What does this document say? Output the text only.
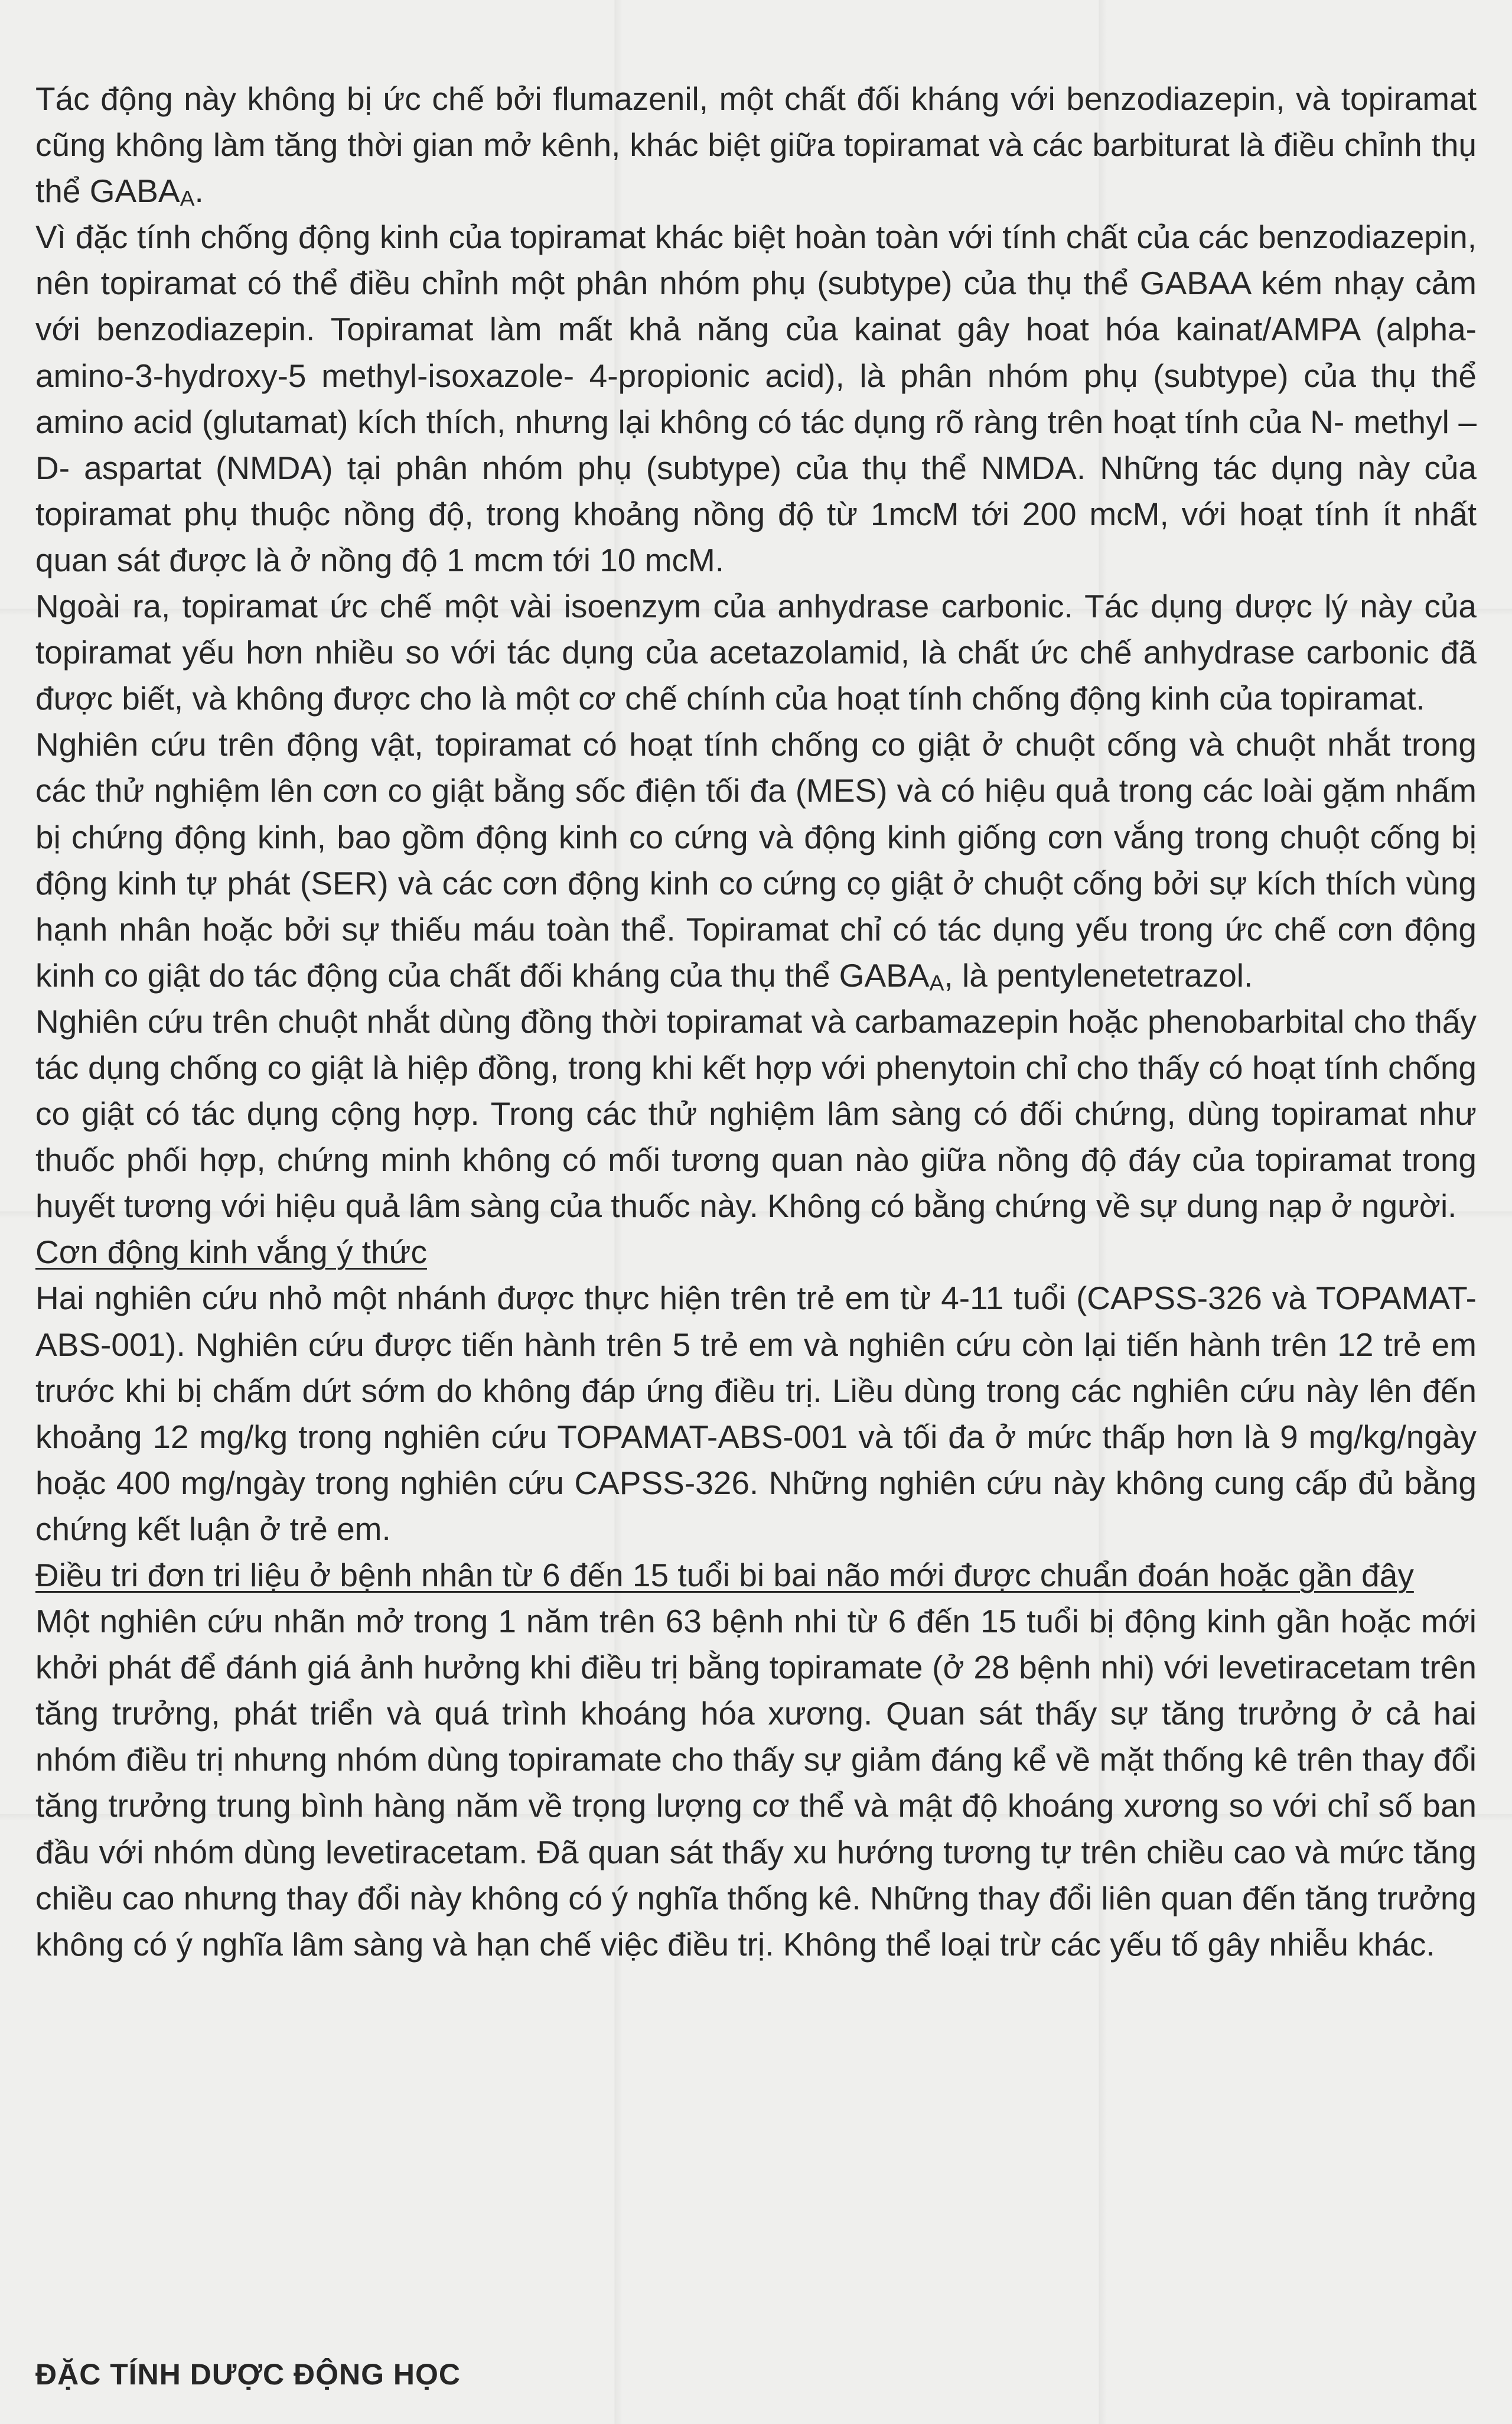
Tác động này không bị ức chế bởi flumazenil, một chất đối kháng với benzodiazepin, và topiramat cũng không làm tăng thời gian mở kênh, khác biệt giữa topiramat và các barbiturat là điều chỉnh thụ thể $GABA_A$.

Vì đặc tính chống động kinh của topiramat khác biệt hoàn toàn với tính chất của các benzodiazepin, nên topiramat có thể điều chỉnh một phân nhóm phụ (subtype) của thụ thể GABAA kém nhạy cảm với benzodiazepin. Topiramat làm mất khả năng của kainat gây hoat hóa kainat/AMPA (alpha-amino-3-hydroxy-5 methyl-isoxazole- 4-propionic acid), là phân nhóm phụ (subtype) của thụ thể amino acid (glutamat) kích thích, nhưng lại không có tác dụng rõ ràng trên hoạt tính của N- methyl –D- aspartat (NMDA) tại phân nhóm phụ (subtype) của thụ thể NMDA. Những tác dụng này của topiramat phụ thuộc nồng độ, trong khoảng nồng độ từ 1mcM tới 200 mcM, với hoạt tính ít nhất quan sát được là ở nồng độ 1 mcm tới 10 mcM.

Ngoài ra, topiramat ức chế một vài isoenzym của anhydrase carbonic. Tác dụng dược lý này của topiramat yếu hơn nhiều so với tác dụng của acetazolamid, là chất ức chế anhydrase carbonic đã được biết, và không được cho là một cơ chế chính của hoạt tính chống động kinh của topiramat.

Nghiên cứu trên động vật, topiramat có hoạt tính chống co giật ở chuột cống và chuột nhắt trong các thử nghiệm lên cơn co giật bằng sốc điện tối đa (MES) và có hiệu quả trong các loài gặm nhấm bị chứng động kinh, bao gồm động kinh co cứng và động kinh giống cơn vắng trong chuột cống bị động kinh tự phát (SER) và các cơn động kinh co cứng cọ giật ở chuột cống bởi sự kích thích vùng hạnh nhân hoặc bởi sự thiếu máu toàn thể. Topiramat chỉ có tác dụng yếu trong ức chế cơn động kinh co giật do tác động của chất đối kháng của thụ thể $GABA_A$, là pentylenetetrazol.

Nghiên cứu trên chuột nhắt dùng đồng thời topiramat và carbamazepin hoặc phenobarbital cho thấy tác dụng chống co giật là hiệp đồng, trong khi kết hợp với phenytoin chỉ cho thấy có hoạt tính chống co giật có tác dụng cộng hợp. Trong các thử nghiệm lâm sàng có đối chứng, dùng topiramat như thuốc phối hợp, chứng minh không có mối tương quan nào giữa nồng độ đáy của topiramat trong huyết tương với hiệu quả lâm sàng của thuốc này. Không có bằng chứng về sự dung nạp ở người.

Cơn động kinh vắng ý thức

Hai nghiên cứu nhỏ một nhánh được thực hiện trên trẻ em từ 4-11 tuổi (CAPSS-326 và TOPAMAT-ABS-001). Nghiên cứu được tiến hành trên 5 trẻ em và nghiên cứu còn lại tiến hành trên 12 trẻ em trước khi bị chấm dứt sớm do không đáp ứng điều trị. Liều dùng trong các nghiên cứu này lên đến khoảng 12 mg/kg trong nghiên cứu TOPAMAT-ABS-001 và tối đa ở mức thấp hơn là 9 mg/kg/ngày hoặc 400 mg/ngày trong nghiên cứu CAPSS-326. Những nghiên cứu này không cung cấp đủ bằng chứng kết luận ở trẻ em.

Điều tri đơn tri liệu ở bệnh nhân từ 6 đến 15 tuổi bi bai não mới được chuẩn đoán hoặc gần đây

Một nghiên cứu nhãn mở trong 1 năm trên 63 bệnh nhi từ 6 đến 15 tuổi bị động kinh gần hoặc mới khởi phát để đánh giá ảnh hưởng khi điều trị bằng topiramate (ở 28 bệnh nhi) với levetiracetam trên tăng trưởng, phát triển và quá trình khoáng hóa xương. Quan sát thấy sự tăng trưởng ở cả hai nhóm điều trị nhưng nhóm dùng topiramate cho thấy sự giảm đáng kể về mặt thống kê trên thay đổi tăng trưởng trung bình hàng năm về trọng lượng cơ thể và mật độ khoáng xương so với chỉ số ban đầu với nhóm dùng levetiracetam. Đã quan sát thấy xu hướng tương tự trên chiều cao và mức tăng chiều cao nhưng thay đổi này không có ý nghĩa thống kê. Những thay đổi liên quan đến tăng trưởng không có ý nghĩa lâm sàng và hạn chế việc điều trị. Không thể loại trừ các yếu tố gây nhiễu khác.

ĐẶC TÍNH DƯỢC ĐỘNG HỌC
